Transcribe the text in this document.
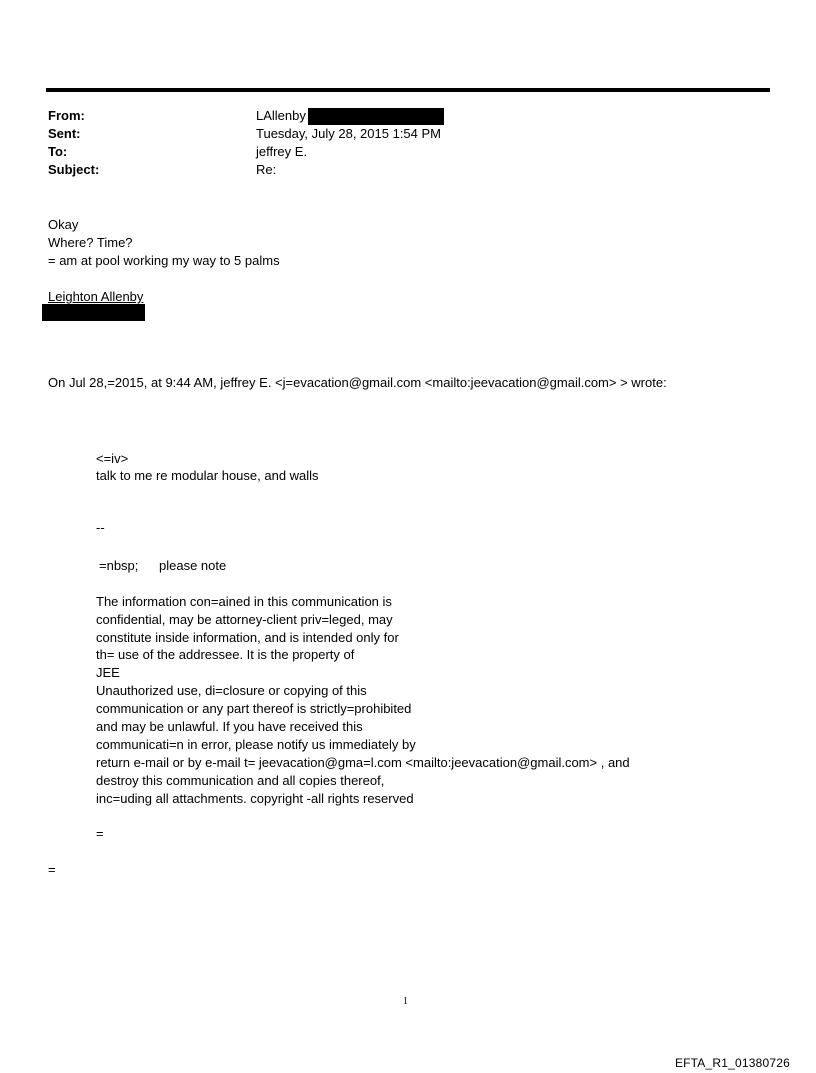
From:	LAllenby
Sent:	Tuesday, July 28, 2015 1:54 PM
To:	jeffrey E.
Subject:	Re:
Okay
Where? Time?
= am at pool working my way to 5 palms
Leighton Allenby
On Jul 28,=2015, at 9:44 AM, jeffrey E. <j=evacation@gmail.com <mailto:jeevacation@gmail.com> > wrote:
<=iv>
talk to me re modular house, and walls
--
=nbsp; please note
The information con=ained in this communication is
confidential, may be attorney-client priv=leged, may
constitute inside information, and is intended only for
th= use of the addressee. It is the property of
JEE
Unauthorized use, di=closure or copying of this
communication or any part thereof is strictly=prohibited
and may be unlawful. If you have received this
communicati=n in error, please notify us immediately by
return e-mail or by e-mail t= jeevacation@gma=l.com <mailto:jeevacation@gmail.com> , and
destroy this communication and all copies thereof,
inc=uding all attachments. copyright -all rights reserved
=
=
1
EFTA_R1_01380726
